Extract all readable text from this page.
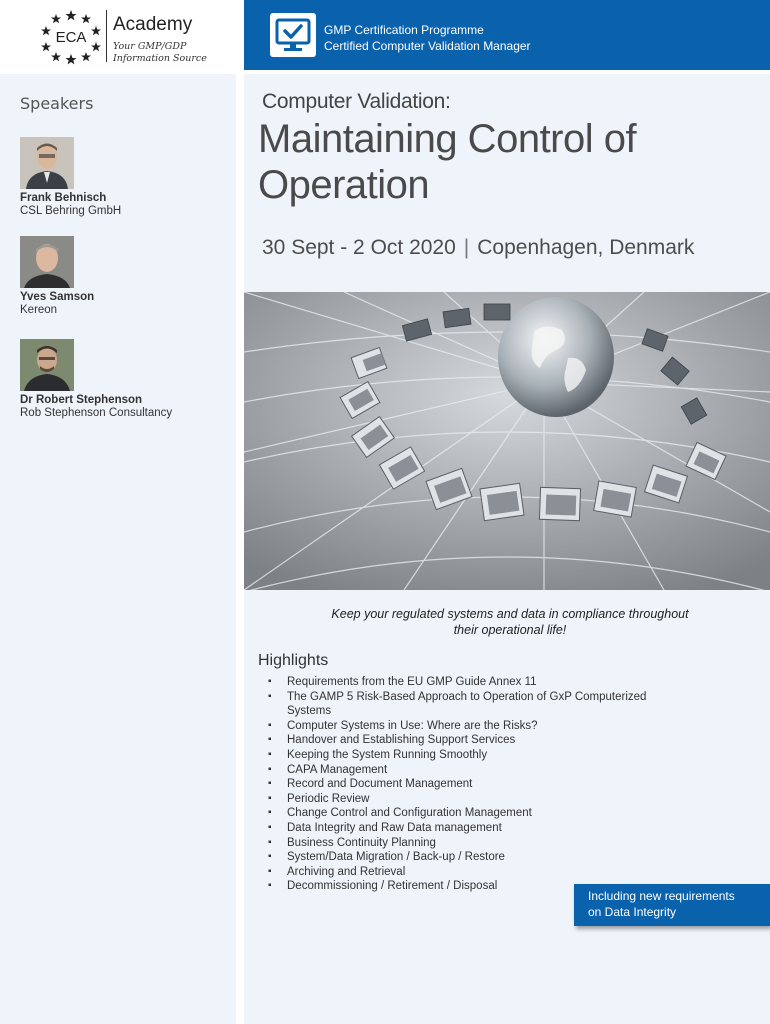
ECA
Academy
Your GMP/GDP
Information Source
Speakers
Frank Behnisch
CSL Behring GmbH
Yves Samson
Kereon
Dr Robert Stephenson
Rob Stephenson Consultancy
GMP Certification Programme
Certified Computer Validation Manager
Computer Validation:
Maintaining Control of Operation
30 Sept - 2 Oct 2020 | Copenhagen, Denmark
Keep your regulated systems and data in compliance throughout
their operational life!
Highlights
▪ Requirements from the EU GMP Guide Annex 11
▪ The GAMP 5 Risk-Based Approach to Operation of GxP Computerized
Systems
▪ Computer Systems in Use: Where are the Risks?
▪ Handover and Establishing Support Services
▪ Keeping the System Running Smoothly
▪ CAPA Management
▪ Record and Document Management
▪ Periodic Review
▪ Change Control and Configuration Management
▪ Data Integrity and Raw Data management
▪ Business Continuity Planning
▪ System/Data Migration / Back-up / Restore
▪ Archiving and Retrieval
▪ Decommissioning / Retirement / Disposal
Including new requirements
on Data Integrity
